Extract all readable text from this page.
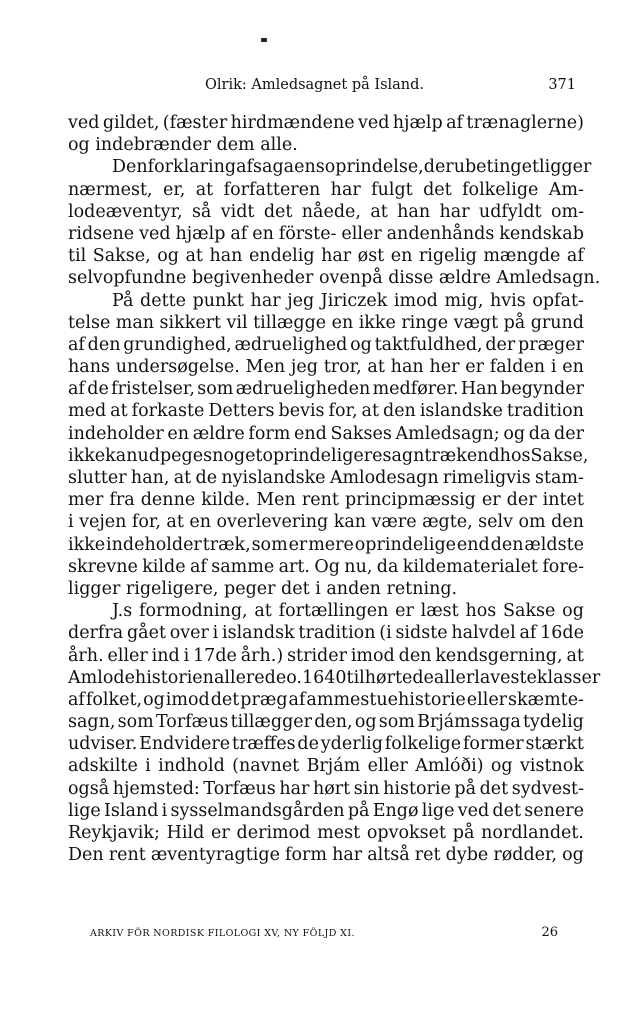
Olrik: Amledsagnet på Island.	371
ved gildet, (fæster hirdmændene ved hjælp af trænaglerne)
og indebrænder dem alle.
Den forklaring af sagaens oprindelse, der ubetinget ligger
nærmest, er, at forfatteren har fulgt det folkelige Am-
lodeæventyr, så vidt det nåede, at han har udfyldt om-
ridsene ved hjælp af en förste- eller andenhånds kendskab
til Sakse, og at han endelig har øst en rigelig mængde af
selvopfundne begivenheder ovenpå disse ældre Amledsagn.
På dette punkt har jeg Jiriczek imod mig, hvis opfat-
telse man sikkert vil tillægge en ikke ringe vægt på grund
af den grundighed, ædruelighed og taktfuldhed, der præger
hans undersøgelse. Men jeg tror, at han her er falden i en
af de fristelser, som ædrueligheden medfører. Han begynder
med at forkaste Detters bevis for, at den islandske tradition
indeholder en ældre form end Sakses Amledsagn; og da der
ikke kan udpeges noget oprindeligere sagntræk end hos Sakse,
slutter han, at de nyislandske Amlodesagn rimeligvis stam-
mer fra denne kilde. Men rent principmæssig er der intet
i vejen for, at en overlevering kan være ægte, selv om den
ikke indeholder træk, som er mere oprindelige end den ældste
skrevne kilde af samme art. Og nu, da kildematerialet fore-
ligger rigeligere, peger det i anden retning.
J.s formodning, at fortællingen er læst hos Sakse og
derfra gået over i islandsk tradition (i sidste halvdel af 16de
årh. eller ind i 17de årh.) strider imod den kendsgerning, at
Amlodehistorien allerede o. 1640 tilhørte de allerlaveste klasser
af folket, og imod det præg af ammestuehistorie eller skæmte-
sagn, som Torfæus tillægger den, og som Brjámssaga tydelig
udviser. Endvidere træffes de yderlig folkelige former stærkt
adskilte i indhold (navnet Brjám eller Amlóði) og vistnok
også hjemsted: Torfæus har hørt sin historie på det sydvest-
lige Island i sysselmandsgården på Engø lige ved det senere
Reykjavik; Hild er derimod mest opvokset på nordlandet.
Den rent æventyragtige form har altså ret dybe rødder, og
ARKIV FÖR NORDISK FILOLOGI XV, NY FÖLJD XI.	26
